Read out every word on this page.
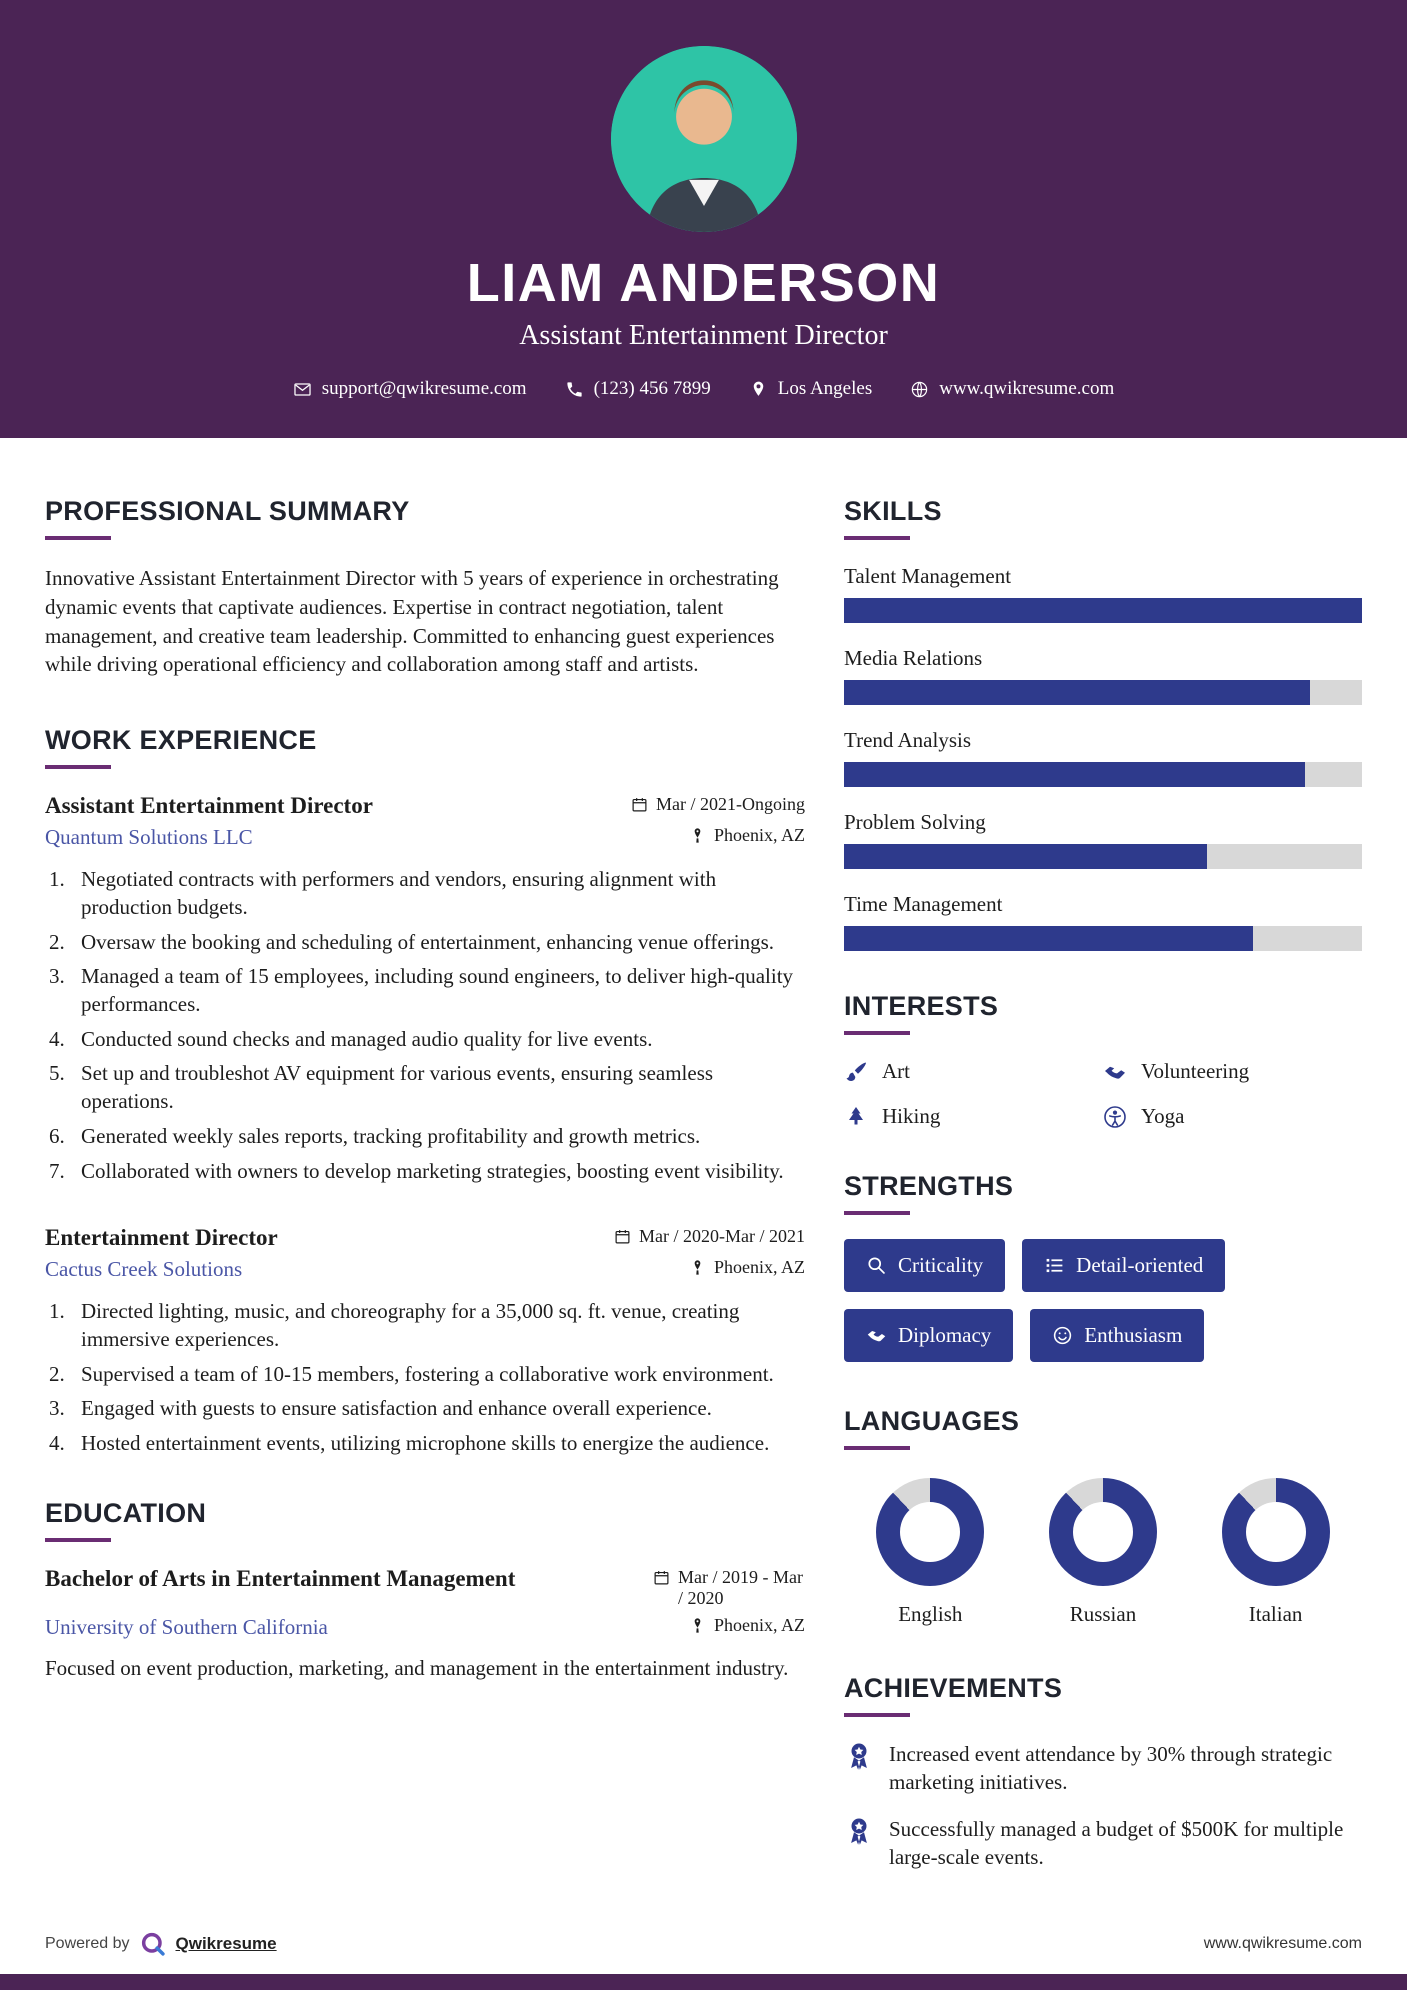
LIAM ANDERSON
Assistant Entertainment Director
support@qwikresume.com	(123) 456 7899	Los Angeles	www.qwikresume.com
PROFESSIONAL SUMMARY

Innovative Assistant Entertainment Director with 5 years of experience in orchestrating dynamic events that captivate audiences. Expertise in contract negotiation, talent management, and creative team leadership. Committed to enhancing guest experiences while driving operational efficiency and collaboration among staff and artists.

WORK EXPERIENCE
Assistant Entertainment Director	Mar / 2021-Ongoing
Quantum Solutions LLC	Phoenix, AZ
Negotiated contracts with performers and vendors, ensuring alignment with production budgets.
Oversaw the booking and scheduling of entertainment, enhancing venue offerings.
Managed a team of 15 employees, including sound engineers, to deliver high-quality performances.
Conducted sound checks and managed audio quality for live events.
Set up and troubleshot AV equipment for various events, ensuring seamless operations.
Generated weekly sales reports, tracking profitability and growth metrics.
Collaborated with owners to develop marketing strategies, boosting event visibility.
Entertainment Director	Mar / 2020-Mar / 2021
Cactus Creek Solutions	Phoenix, AZ
Directed lighting, music, and choreography for a 35,000 sq. ft. venue, creating immersive experiences.
Supervised a team of 10-15 members, fostering a collaborative work environment.
Engaged with guests to ensure satisfaction and enhance overall experience.
Hosted entertainment events, utilizing microphone skills to energize the audience.
EDUCATION
Bachelor of Arts in Entertainment Management	Mar / 2019 - Mar / 2020
University of Southern California	Phoenix, AZ

Focused on event production, marketing, and management in the entertainment industry.

SKILLS
Talent Management
Media Relations
Trend Analysis
Problem Solving
Time Management
INTERESTS
Art	Volunteering
Hiking	Yoga
STRENGTHS
Criticality	Detail-oriented
Diplomacy	Enthusiasm
LANGUAGES
English	Russian	Italian
ACHIEVEMENTS
Increased event attendance by 30% through strategic marketing initiatives.
Successfully managed a budget of $500K for multiple large-scale events.
Powered by	Qwikresume	www.qwikresume.com
